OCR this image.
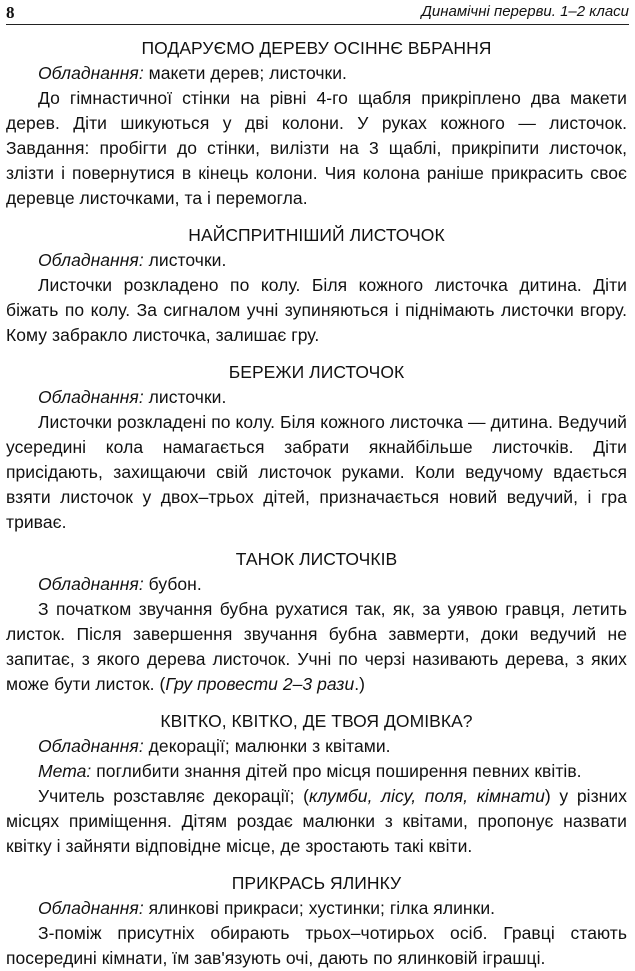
8	Динамічні перерви. 1–2 класи

ПОДАРУЄМО ДЕРЕВУ ОСІННЄ ВБРАННЯ

Обладнання: макети дерев; листочки.

До гімнастичної стінки на рівні 4-го щабля прикріплено два макети дерев. Діти шикуються у дві колони. У руках кожного — листочок. Завдання: пробігти до стінки, вилізти на 3 щаблі, прикріпити листочок, злізти і повернутися в кінець колони. Чия колона раніше прикрасить своє деревце листочками, та і перемогла.

НАЙСПРИТНІШИЙ ЛИСТОЧОК

Обладнання: листочки.

Листочки розкладено по колу. Біля кожного листочка дитина. Діти біжать по колу. За сигналом учні зупиняються і піднімають листочки вгору. Кому забракло листочка, залишає гру.

БЕРЕЖИ ЛИСТОЧОК

Обладнання: листочки.

Листочки розкладені по колу. Біля кожного листочка — дитина. Ведучий усередині кола намагається забрати якнайбільше листочків. Діти присідають, захищаючи свій листочок руками. Коли ведучому вдається взяти листочок у двох–трьох дітей, призначається новий ведучий, і гра триває.

ТАНОК ЛИСТОЧКІВ

Обладнання: бубон.

З початком звучання бубна рухатися так, як, за уявою гравця, летить листок. Після завершення звучання бубна завмерти, доки ведучий не запитає, з якого дерева листочок. Учні по черзі називають дерева, з яких може бути листок. (Гру провести 2–3 рази.)

КВІТКО, КВІТКО, ДЕ ТВОЯ ДОМІВКА?

Обладнання: декорації; малюнки з квітами.

Мета: поглибити знання дітей про місця поширення певних квітів.

Учитель розставляє декорації; (клумби, лісу, поля, кімнати) у різних місцях приміщення. Дітям роздає малюнки з квітами, пропонує назвати квітку і зайняти відповідне місце, де зростають такі квіти.

ПРИКРАСЬ ЯЛИНКУ

Обладнання: ялинкові прикраси; хустинки; гілка ялинки.

З-поміж присутніх обирають трьох–чотирьох осіб. Гравці стають посередині кімнати, їм зав'язують очі, дають по ялинковій іграшці.
